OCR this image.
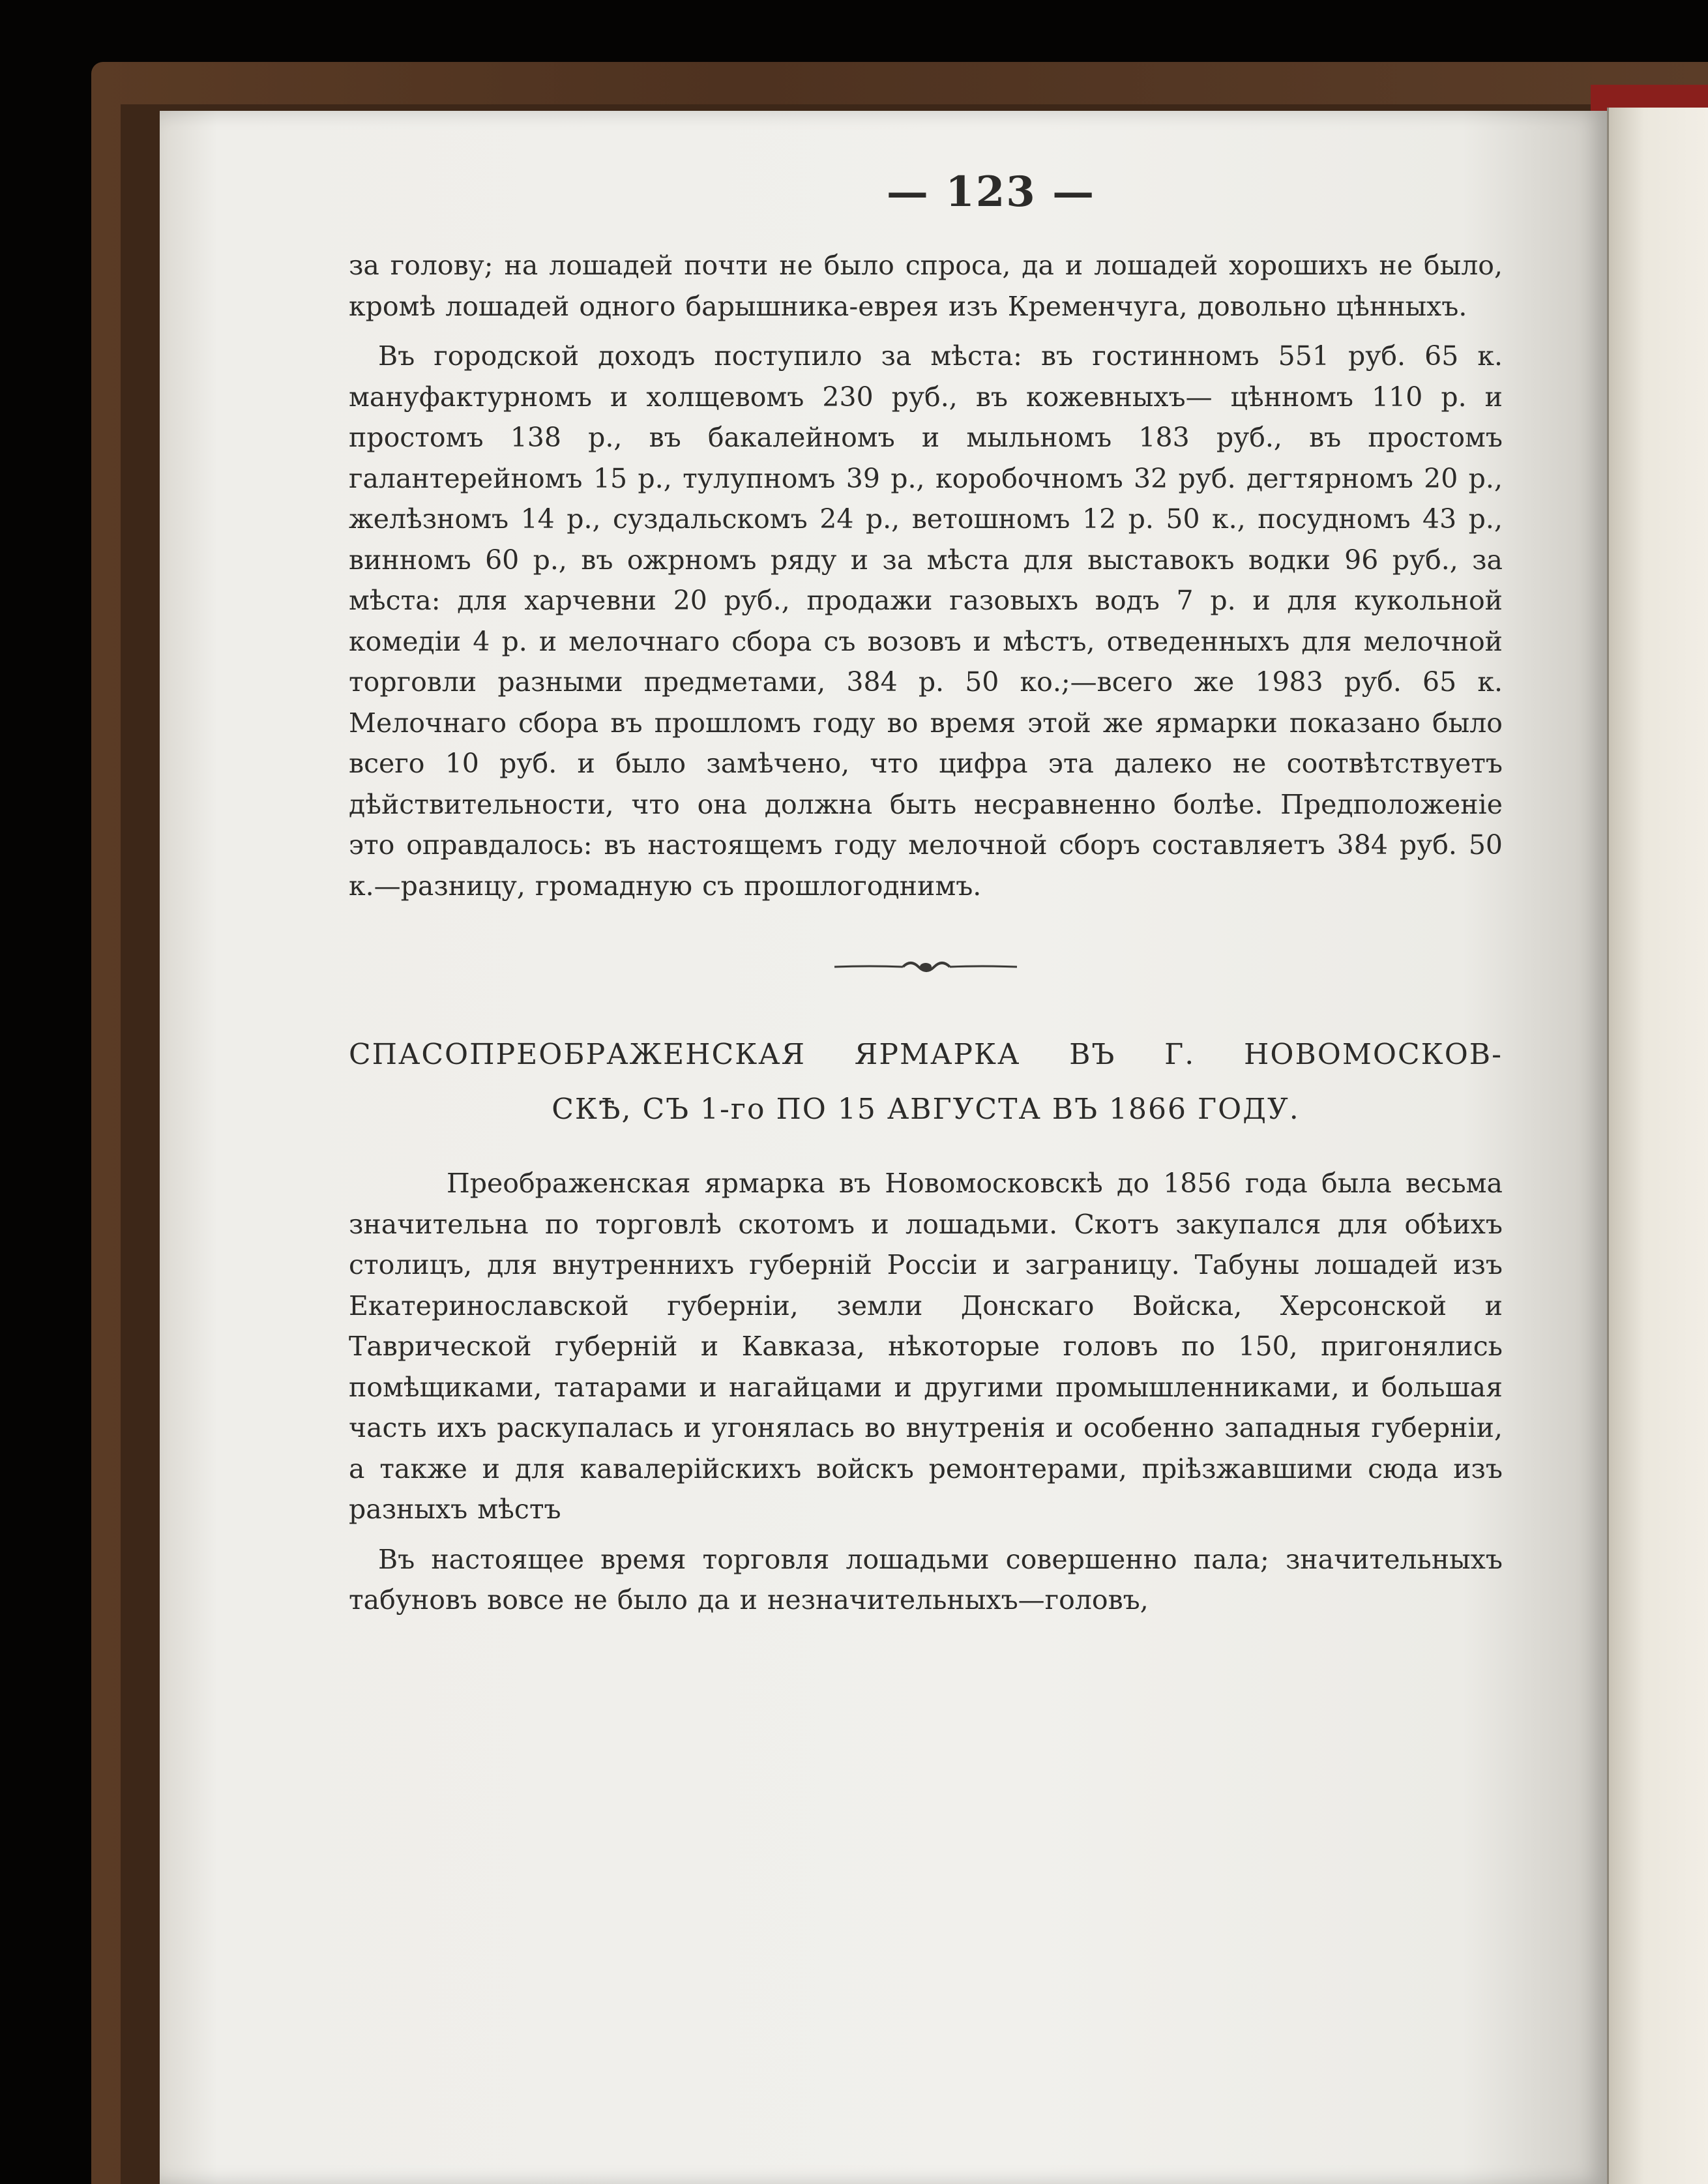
— 123 —

за голову; на лошадей почти не было спроса, да и лошадей хорошихъ не было, кромѣ лошадей одного барышника-еврея изъ Кременчуга, довольно цѣнныхъ.

Въ городской доходъ поступило за мѣста: въ гостинномъ 551 руб. 65 к. мануфактурномъ и холщевомъ 230 руб., въ кожевныхъ— цѣнномъ 110 р. и простомъ 138 р., въ бакалейномъ и мыльномъ 183 руб., въ простомъ галантерейномъ 15 р., тулупномъ 39 р., коробочномъ 32 руб. дегтярномъ 20 р., желѣзномъ 14 р., суздальскомъ 24 р., ветошномъ 12 р. 50 к., посудномъ 43 р., винномъ 60 р., въ ожрномъ ряду и за мѣста для выставокъ водки 96 руб., за мѣста: для харчевни 20 руб., продажи газовыхъ водъ 7 р. и для кукольной комедіи 4 р. и мелочнаго сбора съ возовъ и мѣстъ, отведенныхъ для мелочной торговли разными предметами, 384 р. 50 ко.;—всего же 1983 руб. 65 к. Мелочнаго сбора въ прошломъ году во время этой же ярмарки показано было всего 10 руб. и было замѣчено, что цифра эта далеко не соотвѣтствуетъ дѣйствительности, что она должна быть несравненно болѣе. Предположеніе это оправдалось: въ настоящемъ году мелочной сборъ составляетъ 384 руб. 50 к.—разницу, громадную съ прошлогоднимъ.

СПАСОПРЕОБРАЖЕНСКАЯ ЯРМАРКА ВЪ Г. НОВОМОСКОВ-
СКѢ, СЪ 1-го ПО 15 АВГУСТА ВЪ 1866 ГОДУ.

Преображенская ярмарка въ Новомосковскѣ до 1856 года была весьма значительна по торговлѣ скотомъ и лошадьми. Скотъ закупался для обѣихъ столицъ, для внутреннихъ губерній Россіи и заграницу. Табуны лошадей изъ Екатеринославской губерніи, земли Донскаго Войска, Херсонской и Таврической губерній и Кавказа, нѣкоторые головъ по 150, пригонялись помѣщиками, татарами и нагайцами и другими промышленниками, и большая часть ихъ раскупалась и угонялась во внутренія и особенно западныя губерніи, а также и для кавалерійскихъ войскъ ремонтерами, пріѣзжавшими сюда изъ разныхъ мѣстъ

Въ настоящее время торговля лошадьми совершенно пала; значительныхъ табуновъ вовсе не было да и незначительныхъ—головъ,
